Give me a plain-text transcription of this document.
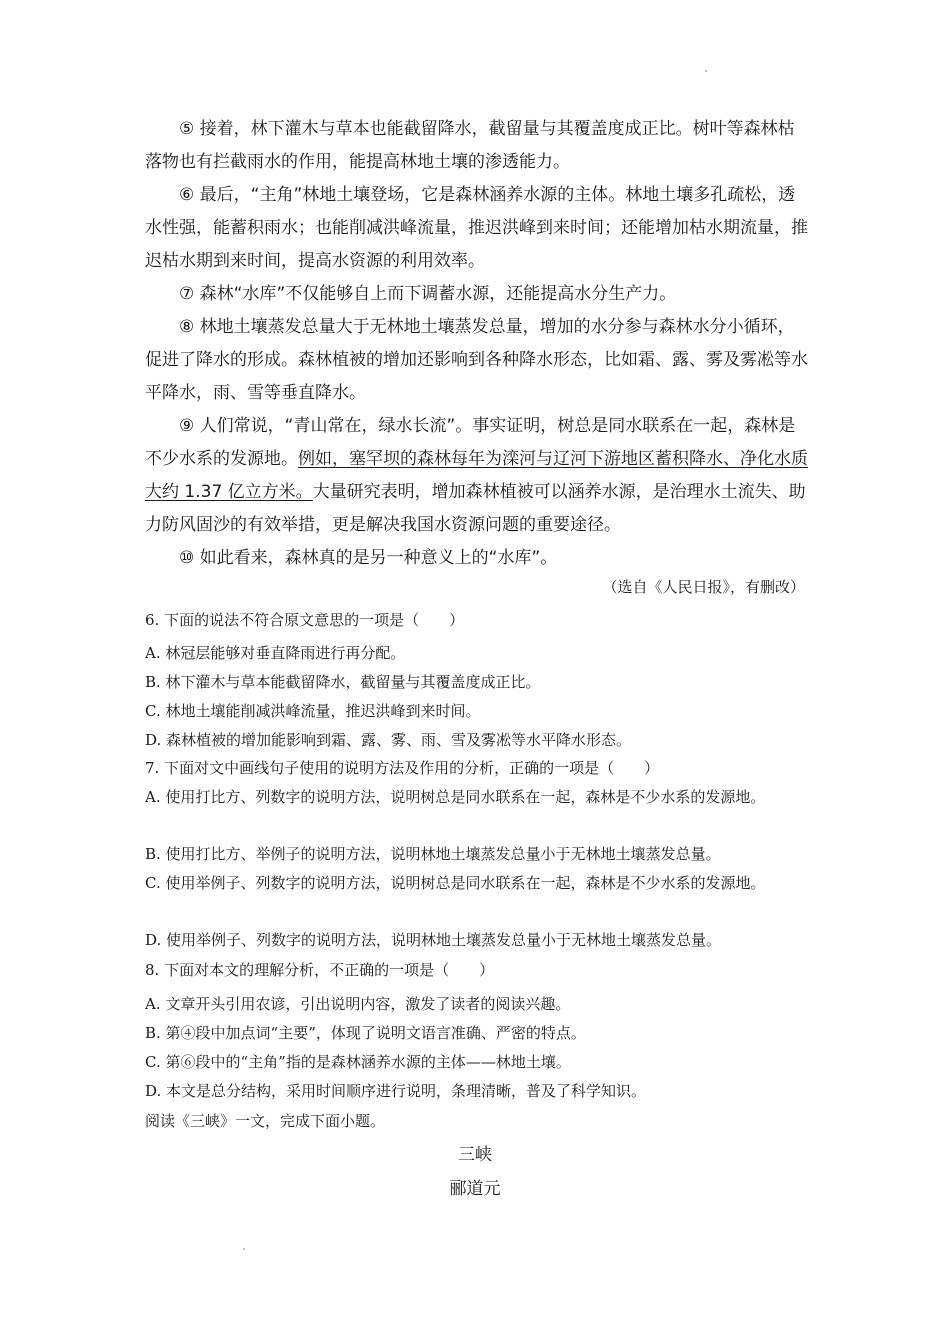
⑤ 接着，林下灌木与草本也能截留降水，截留量与其覆盖度成正比。树叶等森林枯落物也有拦截雨水的作用，能提高林地土壤的渗透能力。

⑥ 最后，“主角”林地土壤登场，它是森林涵养水源的主体。林地土壤多孔疏松，透水性强，能蓄积雨水；也能削减洪峰流量，推迟洪峰到来时间；还能增加枯水期流量，推迟枯水期到来时间，提高水资源的利用效率。

⑦ 森林“水库”不仅能够自上而下调蓄水源，还能提高水分生产力。

⑧ 林地土壤蒸发总量大于无林地土壤蒸发总量，增加的水分参与森林水分小循环，促进了降水的形成。森林植被的增加还影响到各种降水形态，比如霜、露、雾及雾凇等水平降水，雨、雪等垂直降水。

⑨ 人们常说，“青山常在，绿水长流”。事实证明，树总是同水联系在一起，森林是不少水系的发源地。例如，塞罕坝的森林每年为滦河与辽河下游地区蓄积降水、净化水质大约 1.37 亿立方米。大量研究表明，增加森林植被可以涵养水源，是治理水土流失、助力防风固沙的有效举措，更是解决我国水资源问题的重要途径。

⑩ 如此看来，森林真的是另一种意义上的“水库”。

（选自《人民日报》，有删改）

6. 下面的说法不符合原文意思的一项是（　　）

A. 林冠层能够对垂直降雨进行再分配。

B. 林下灌木与草本能截留降水，截留量与其覆盖度成正比。

C. 林地土壤能削减洪峰流量，推迟洪峰到来时间。

D. 森林植被的增加能影响到霜、露、雾、雨、雪及雾凇等水平降水形态。

7. 下面对文中画线句子使用的说明方法及作用的分析，正确的一项是（　　）

A. 使用打比方、列数字的说明方法，说明树总是同水联系在一起，森林是不少水系的发源地。

B. 使用打比方、举例子的说明方法，说明林地土壤蒸发总量小于无林地土壤蒸发总量。

C. 使用举例子、列数字的说明方法，说明树总是同水联系在一起，森林是不少水系的发源地。

D. 使用举例子、列数字的说明方法，说明林地土壤蒸发总量小于无林地土壤蒸发总量。

8. 下面对本文的理解分析，不正确的一项是（　　）

A. 文章开头引用农谚，引出说明内容，激发了读者的阅读兴趣。

B. 第④段中加点词“主要”，体现了说明文语言准确、严密的特点。

C. 第⑥段中的“主角”指的是森林涵养水源的主体——林地土壤。

D. 本文是总分结构，采用时间顺序进行说明，条理清晰，普及了科学知识。

阅读《三峡》一文，完成下面小题。

三峡
郦道元
